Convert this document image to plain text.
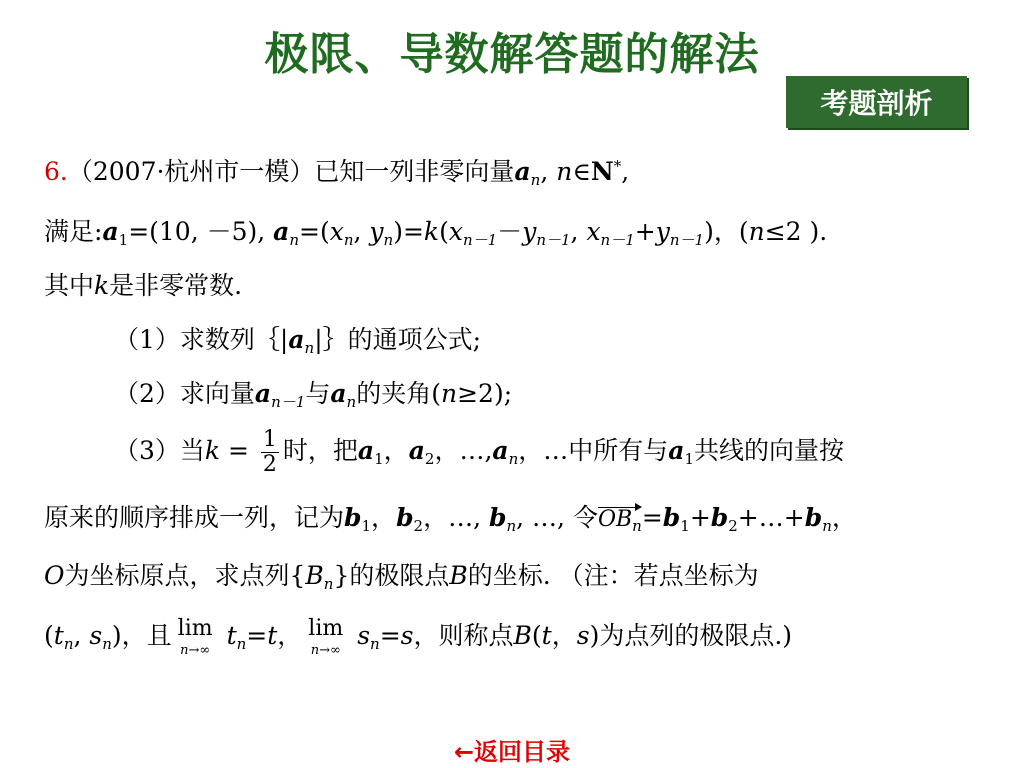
极限、导数解答题的解法
考题剖析
6.（2007·杭州市一模）已知一列非零向量$a_n$, n∈N*,
满足$:a_1=(10$, －5), $a_n=(x_n$, $y_n)=k(x_{n-1}-y_{n-1}$, $x_{n-1}+y_{n-1}$)，(n≤2 ).
其中k是非零常数.
（1）求数列$\{|a_n|\}$的通项公式;
（2）求向量$a_{n-1}$与$a_n$的夹角(n≥2);
（3）当$k = \frac{1}{2}$ 时，把$a_1$，$a_2$，$\dots,a_n$，…中所有与$a_1$共线的向量按
原来的顺序排成一列，记为$b_1$，$b_2$，…, $b_n$, …, 令$OB_n=b_1+b_2+\dots+b_n$，
O为坐标原点，求点列$\{B_n\}$的极限点B的坐标. （注：若点坐标为
($t_n$, $s_n$)，且 lim
n→∞
$t_n=t$， lim
n→∞
$s_n=s$，则称点B(t，s)为点列的极限点.)
←返回目录
